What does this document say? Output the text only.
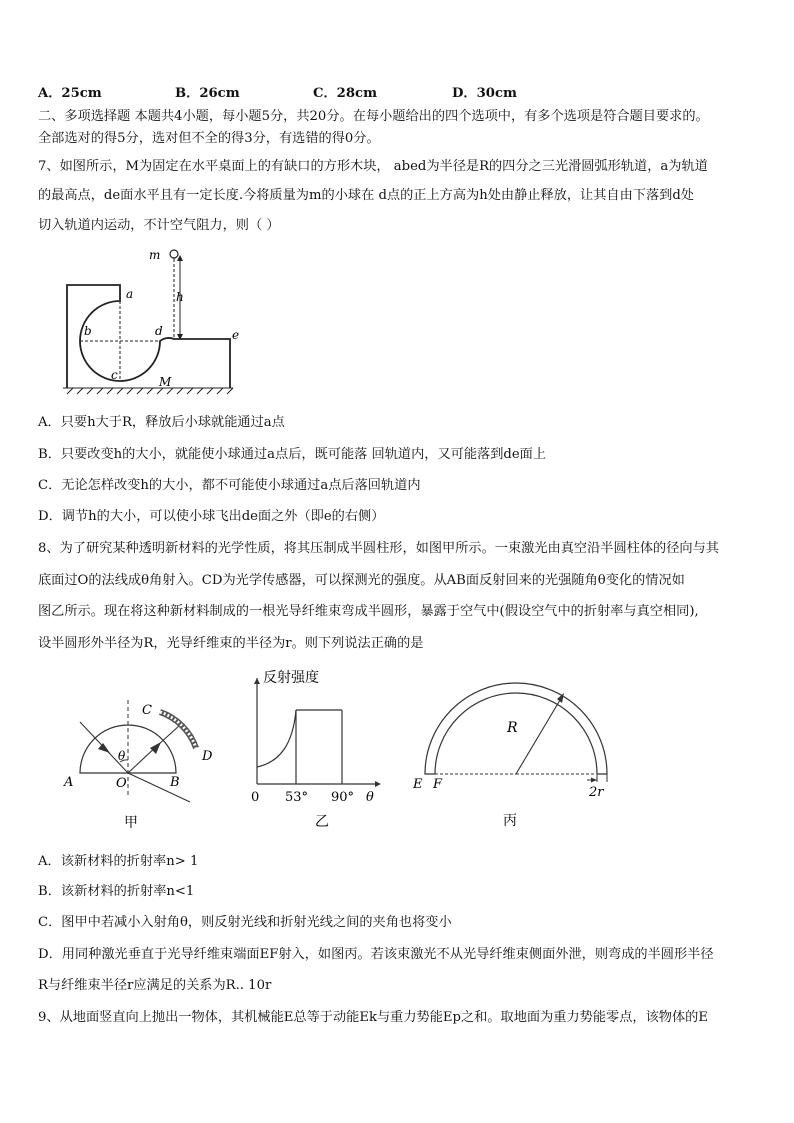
A．25cm	B．26cm	C．28cm	D．30cm
二、多项选择题 本题共4小题，每小题5分，共20分。在每小题给出的四个选项中，有多个选项是符合题目要求的。
全部选对的得5分，选对但不全的得3分，有选错的得0分。
7、如图所示，M为固定在水平桌面上的有缺口的方形木块， abed为半径是R的四分之三光滑圆弧形轨道，a为轨道
的最高点，de面水平且有一定长度.今将质量为m的小球在 d点的正上方高为h处由静止释放，让其自由下落到d处
切入轨道内运动，不计空气阻力，则（ ）
m
h
a
b	d	e
c	M
A．只要h大于R，释放后小球就能通过a点
B．只要改变h的大小，就能使小球通过a点后，既可能落 回轨道内，又可能落到de面上
C．无论怎样改变h的大小，都不可能使小球通过a点后落回轨道内
D．调节h的大小，可以使小球飞出de面之外（即e的右侧）
8、为了研究某种透明新材料的光学性质，将其压制成半圆柱形，如图甲所示。一束激光由真空沿半圆柱体的径向与其
底面过O的法线成θ角射入。CD为光学传感器，可以探测光的强度。从AB面反射回来的光强随角θ变化的情况如
图乙所示。现在将这种新材料制成的一根光导纤维束弯成半圆形，暴露于空气中(假设空气中的折射率与真空相同),
设半圆形外半径为R，光导纤维束的半径为r。则下列说法正确的是
A	O	B
C
D
θ
甲
反射强度
0 53° 90° θ
乙
E F
R
2r
丙
A．该新材料的折射率n> 1
B．该新材料的折射率n<1
C．图甲中若减小入射角θ，则反射光线和折射光线之间的夹角也将变小
D．用同种激光垂直于光导纤维束端面EF射入，如图丙。若该束激光不从光导纤维束侧面外泄，则弯成的半圆形半径
R与纤维束半径r应满足的关系为R.. 10r
9、从地面竖直向上抛出一物体，其机械能E总等于动能Ek与重力势能Ep之和。取地面为重力势能零点，该物体的E
